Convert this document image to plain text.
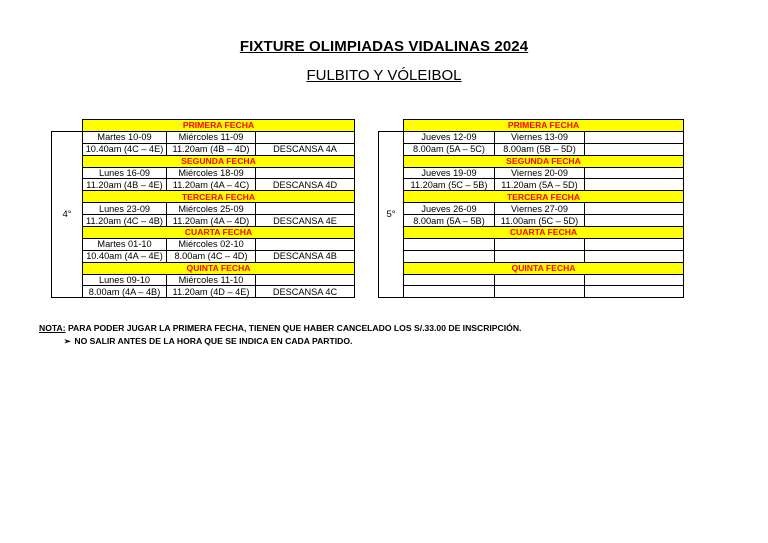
FIXTURE OLIMPIADAS VIDALINAS 2024
FULBITO Y VÓLEIBOL
	PRIMERA FECHA		
4°	Martes 10-09	Miércoles 11-09	
	10.40am (4C – 4E)	11.20am (4B – 4D)	DESCANSA 4A
	SEGUNDA FECHA		
	Lunes 16-09	Miércoles 18-09	
	11.20am (4B – 4E)	11.20am (4A – 4C)	DESCANSA 4D
	TERCERA FECHA		
	Lunes 23-09	Miércoles 25-09	
	11.20am (4C – 4B)	11.20am (4A – 4D)	DESCANSA 4E
	CUARTA FECHA		
	Martes 01-10	Miércoles 02-10	
	10.40am (4A – 4E)	8.00am (4C – 4D)	DESCANSA 4B
	QUINTA FECHA		
	Lunes 09-10	Miércoles 11-10	
	8.00am (4A – 4B)	11.20am (4D – 4E)	DESCANSA 4C
	PRIMERA FECHA		
5°	Jueves 12-09	Viernes 13-09	
	8.00am (5A – 5C)	8.00am (5B – 5D)	
	SEGUNDA FECHA		
	Jueves 19-09	Viernes 20-09	
	11.20am (5C – 5B)	11.20am (5A – 5D)	
	TERCERA FECHA		
	Jueves 26-09	Viernes 27-09	
	8.00am (5A – 5B)	11.00am (5C – 5D)	
	CUARTA FECHA		

	QUINTA FECHA		

NOTA: PARA PODER JUGAR LA PRIMERA FECHA, TIENEN QUE HABER CANCELADO LOS S/.33.00 DE INSCRIPCIÓN.
➢ NO SALIR ANTES DE LA HORA QUE SE INDICA EN CADA PARTIDO.
